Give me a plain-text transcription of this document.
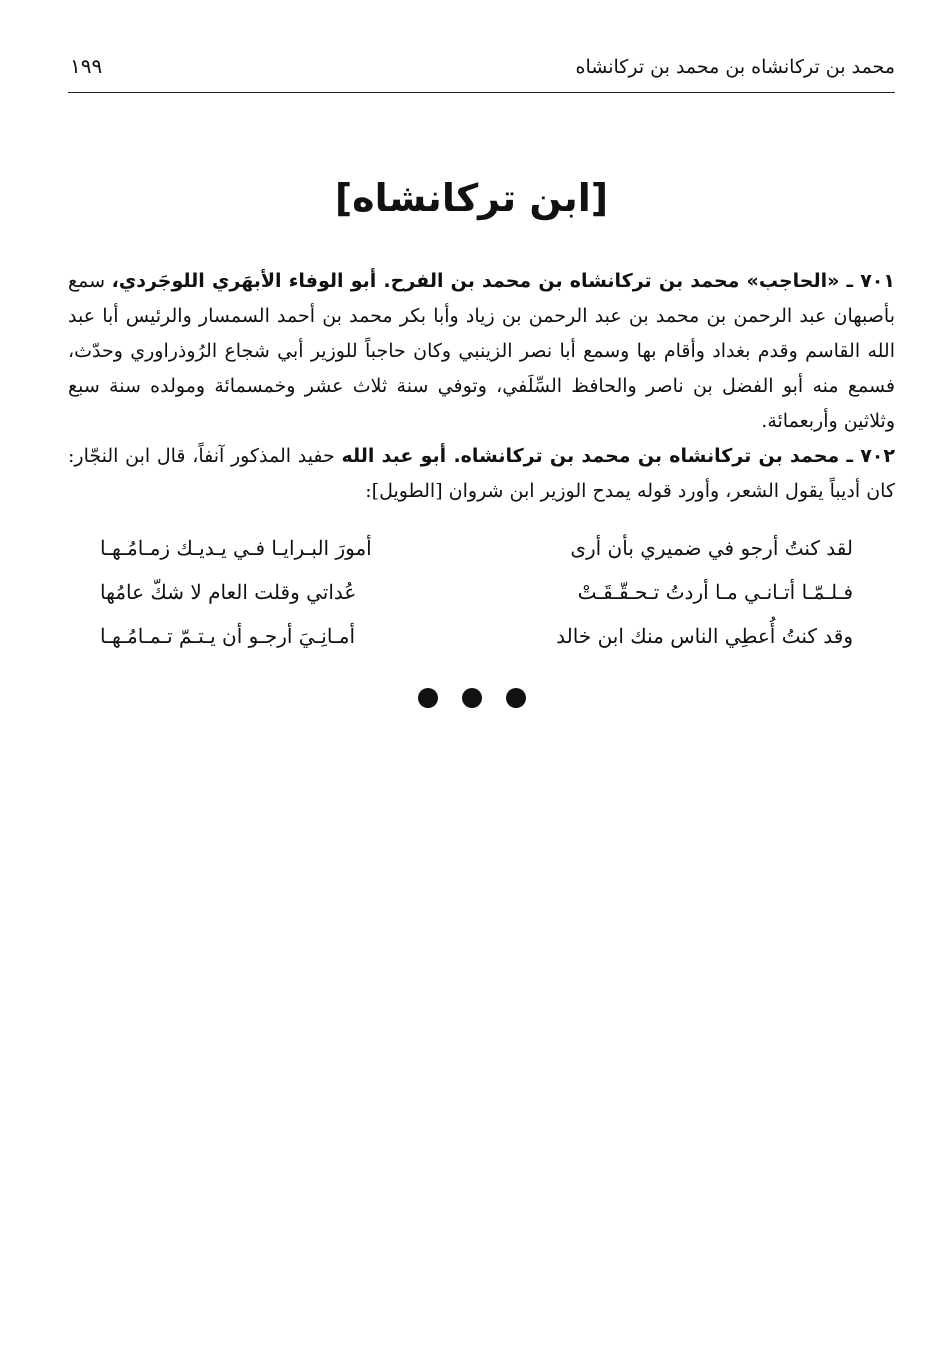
محمد بن تركانشاه بن محمد بن تركانشاه
١٩٩
[ابن تركانشاه]

٧٠١ ـ «الحاجب» محمد بن تركانشاه بن محمد بن الفرح. أبو الوفاء الأبهَري اللوجَردي، سمع بأصبهان عبد الرحمن بن محمد بن عبد الرحمن بن زياد وأبا بكر محمد بن أحمد السمسار والرئيس أبا عبد الله القاسم وقدم بغداد وأقام بها وسمع أبا نصر الزينبي وكان حاجباً للوزير أبي شجاع الرُوذراوري وحدّث، فسمع منه أبو الفضل بن ناصر والحافظ السِّلَفي، وتوفي سنة ثلاث عشر وخمسمائة ومولده سنة سبع وثلاثين وأربعمائة.

٧٠٢ ـ محمد بن تركانشاه بن محمد بن تركانشاه. أبو عبد الله حفيد المذكور آنفاً، قال ابن النجّار: كان أديباً يقول الشعر، وأورد قوله يمدح الوزير ابن شروان [الطويل]:

لقد كنتُ أرجو في ضميري بأن أرى
أمورَ البـرايـا فـي يـديـك زمـامُـهـا
فـلـمّـا أتـانـي مـا أردتُ تـحـقّـقَـتْ
عُداتي وقلت العام لا شكّ عامُها
وقد كنتُ أُعطِي الناس منك ابن خالد
أمـانِـيَ أرجـو أن يـتـمّ تـمـامُـهـا
